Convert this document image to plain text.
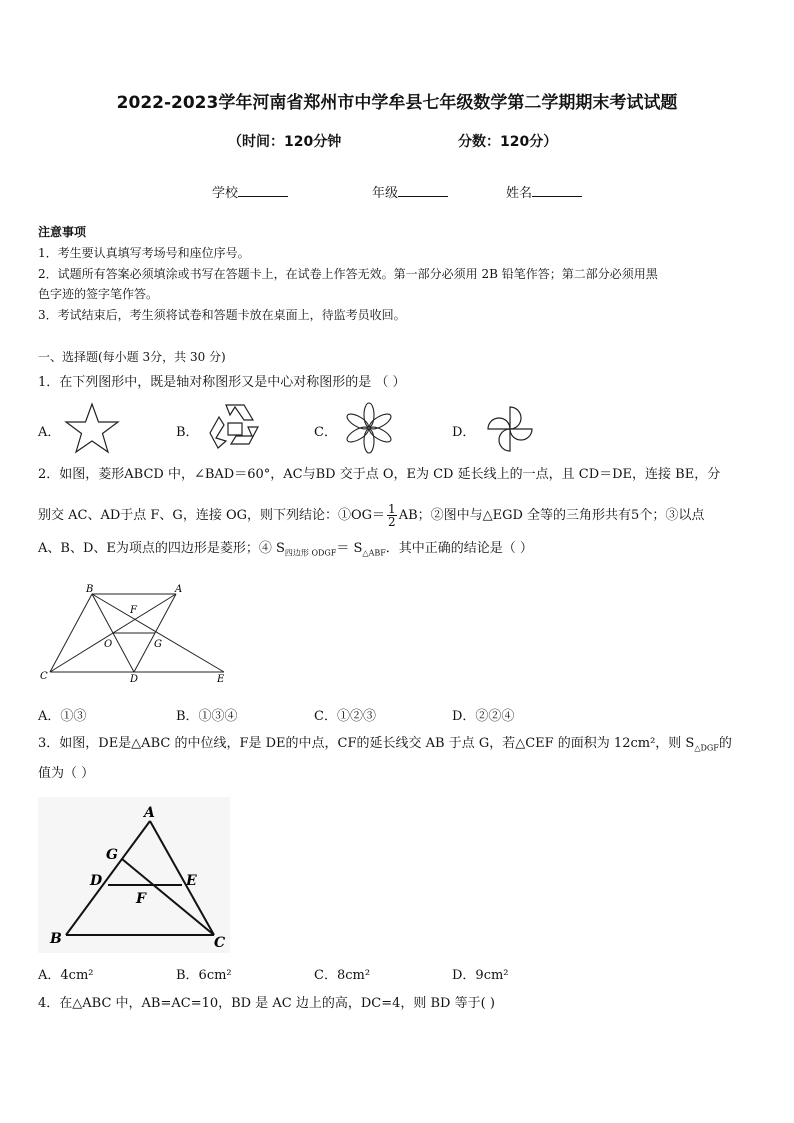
2022-2023学年河南省郑州市中学牟县七年级数学第二学期期末考试试题
（时间：120分钟	分数：120分）
学校	年级	姓名
注意事项
1．考生要认真填写考场号和座位序号。
2．试题所有答案必须填涂或书写在答题卡上，在试卷上作答无效。第一部分必须用 2B 铅笔作答；第二部分必须用黑
色字迹的签字笔作答。
3．考试结束后，考生须将试卷和答题卡放在桌面上，待监考员收回。
一、选择题(每小题 3分，共 30 分)
1．在下列图形中，既是轴对称图形又是中心对称图形的是 （ ）
A．	B．	C．	D．
2．如图，菱形ABCD 中，∠BAD＝60°，AC与BD 交于点 O，E为 CD 延长线上的一点，且 CD＝DE，连接 BE，分
别交 AC、AD于点 F、G，连接 OG，则下列结论：①OG＝ $\frac{1}{2}$ AB；②图中与△EGD 全等的三角形共有5个；③以点
A、B、D、E为项点的四边形是菱形；④ $S_{四边形 ODGF}= S_{\triangle ABF}$．其中正确的结论是（ ）
B	A
F
O	G
C	D	E
A．①③	B．①③④	C．①②③	D．②②④
3．如图，DE是△ABC 的中位线，F是 DE的中点，CF的延长线交 AB 于点 G，若△CEF 的面积为 12cm²，则 $S_{\triangle DGF}$的
值为（ ）
A
G
D	E
F
B	C
A．4cm²	B．6cm²	C．8cm²	D．9cm²
4．在△ABC 中，AB=AC=10，BD 是 AC 边上的高，DC=4，则 BD 等于( )
